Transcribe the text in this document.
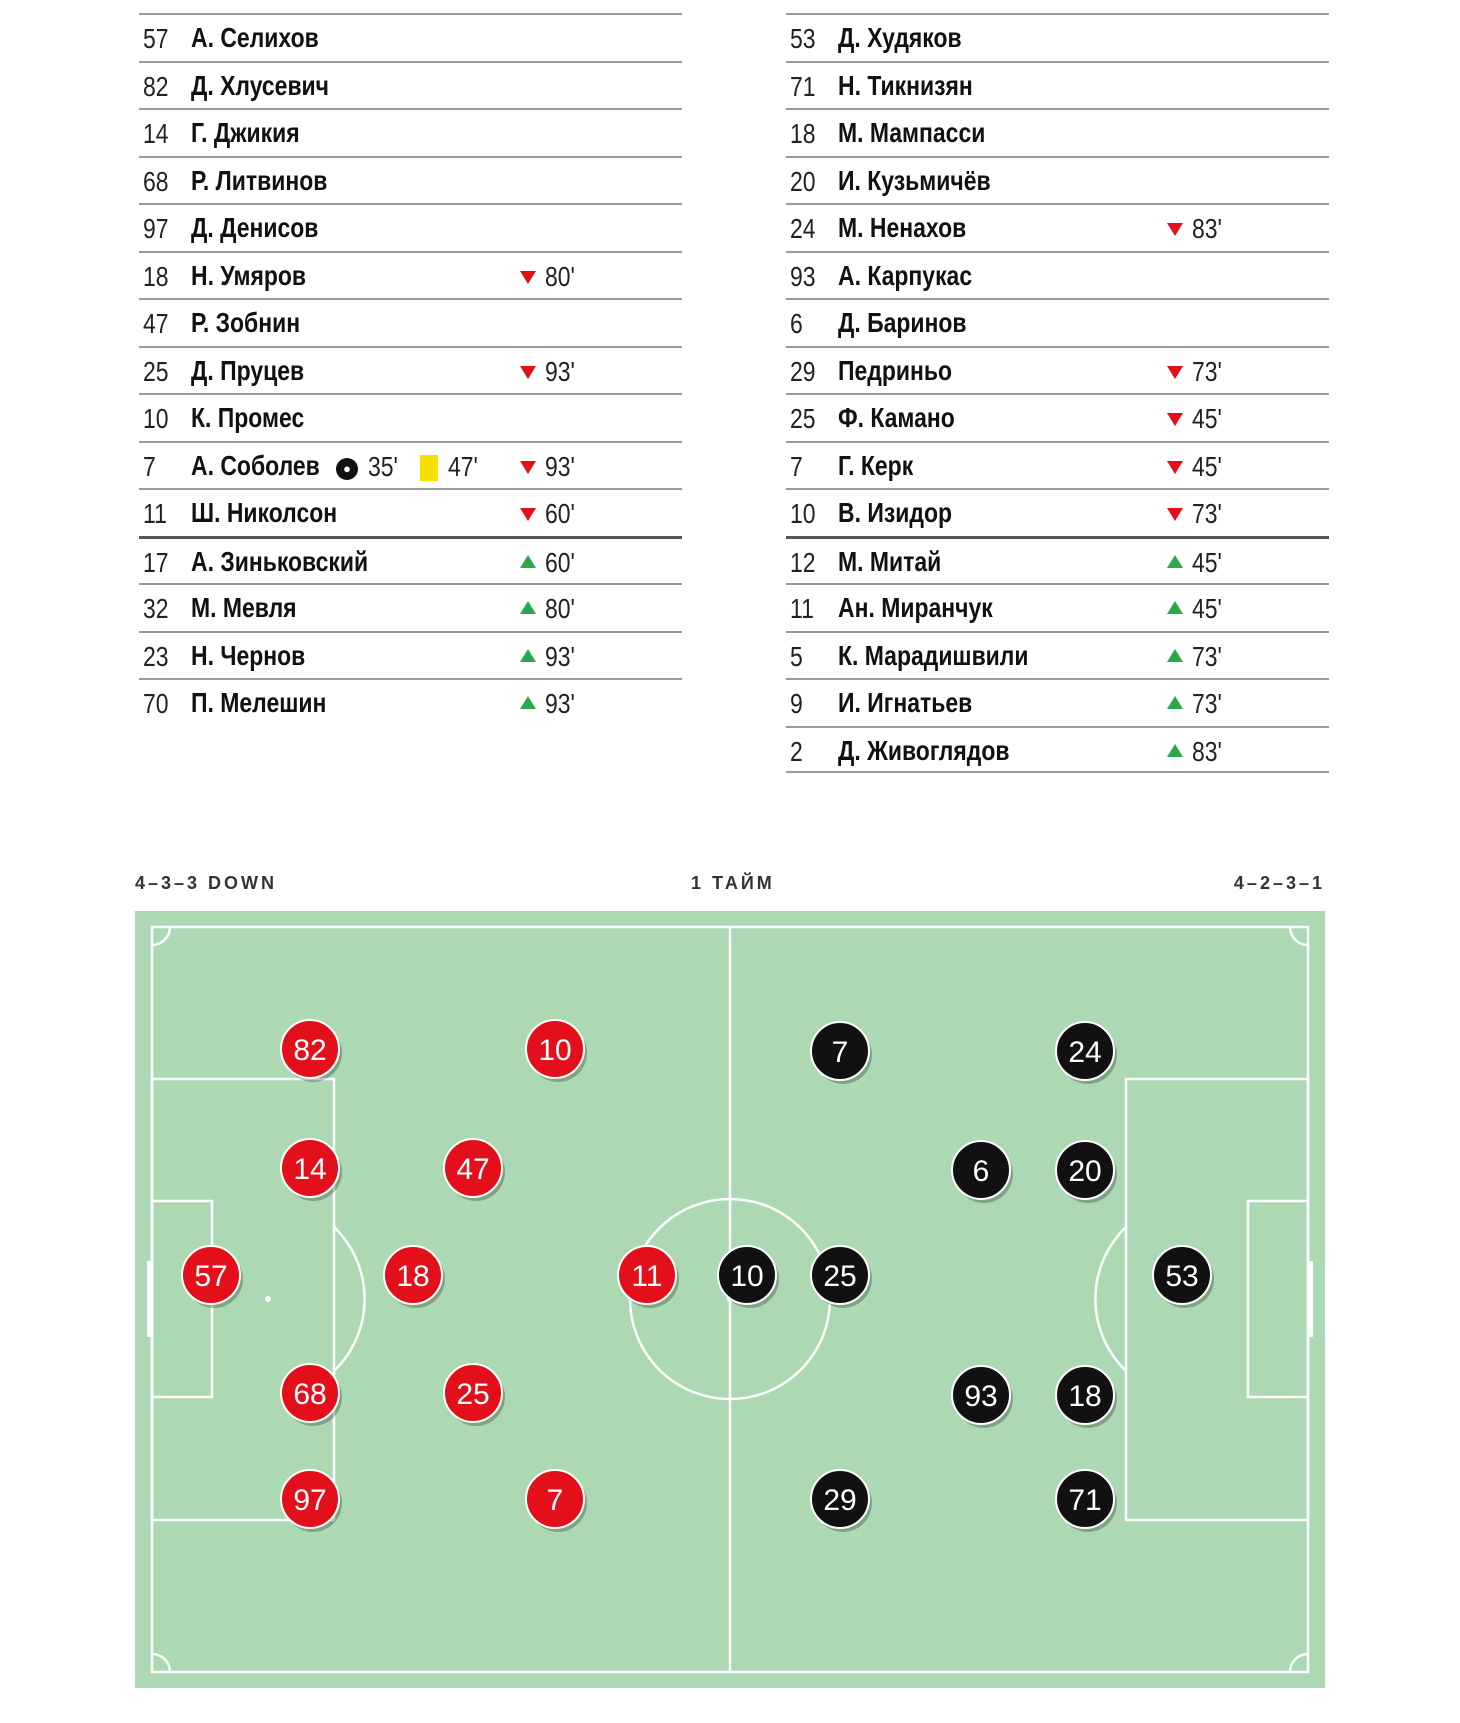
57 А. Селихов
82 Д. Хлусевич
14 Г. Джикия
68 Р. Литвинов
97 Д. Денисов
18 Н. Умяров	80'
47 Р. Зобнин
25 Д. Пруцев	93'
10 К. Промес
7 А. Соболев	● 35' 47' 93'
11 Ш. Николсон	60'
17 А. Зиньковский	60'
32 М. Мевля	80'
23 Н. Чернов	93'
70 П. Мелешин	93'
53 Д. Худяков
71 Н. Тикнизян
18 М. Мампасси
20 И. Кузьмичёв
24 М. Ненахов	83'
93 А. Карпукас
6 Д. Баринов
29 Педриньо	73'
25 Ф. Камано	45'
7 Г. Керк	45'
10 В. Изидор	73'
12 М. Митай	45'
11 Ан. Миранчук	45'
5 К. Марадишвили	73'
9 И. Игнатьев	73'
2 Д. Живоглядов	83'
4–3–3 DOWN	1 ТАЙМ	4–2–3–1
82	10
14	47
57	18	11
68	25
97	7
7	24
6	20
10 25	53
93 18
29	71
